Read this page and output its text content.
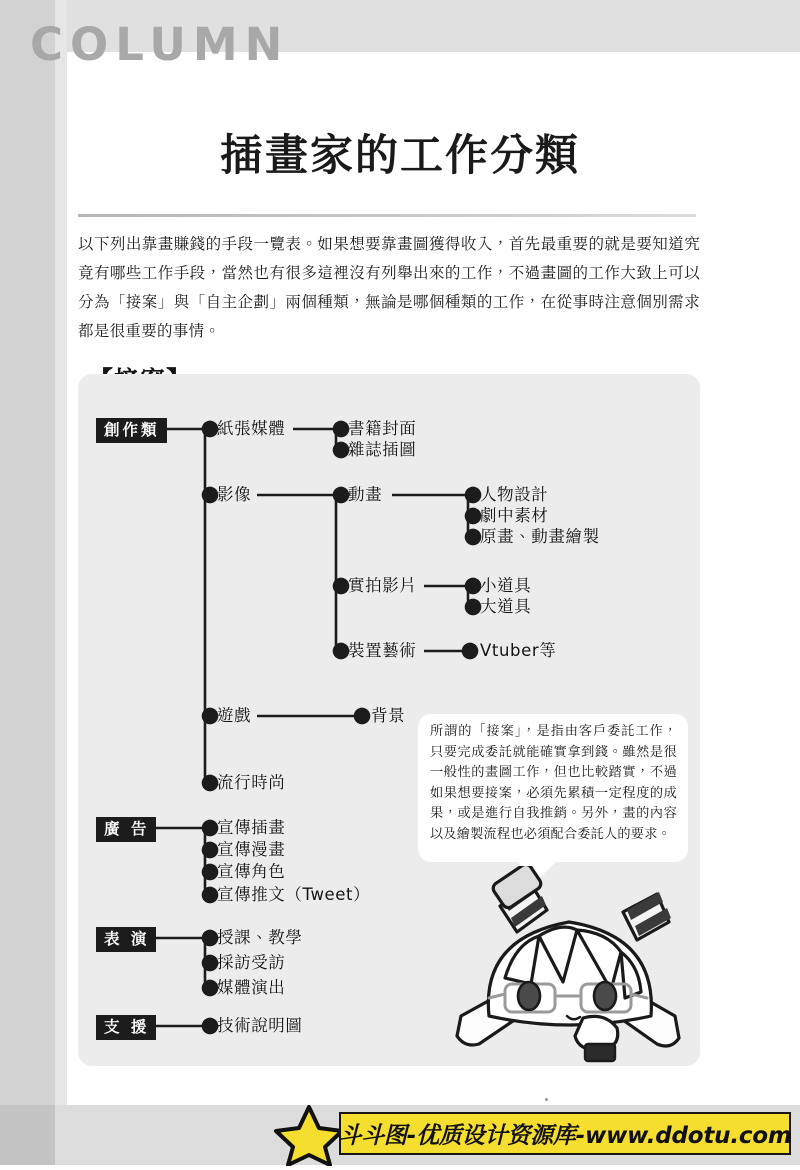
COLUMN
插畫家的工作分類
以下列出靠畫賺錢的手段一覽表。如果想要靠畫圖獲得收入，首先最重要的就是要知道究竟有哪些工作手段，當然也有很多這裡沒有列舉出來的工作，不過畫圖的工作大致上可以分為「接案」與「自主企劃」兩個種類，無論是哪個種類的工作，在從事時注意個別需求都是很重要的事情。
創作類
廣 告
表 演
支 援
紙張媒體
影像
遊戲
流行時尚
書籍封面
雜誌插圖
動畫
實拍影片
裝置藝術
人物設計
劇中素材
原畫、動畫繪製
小道具
大道具
Vtuber等
背景
宣傳插畫
宣傳漫畫
宣傳角色
宣傳推文（Tweet）
授課、教學
採訪受訪
媒體演出
技術說明圖
所謂的「接案」，是指由客戶委託工作，只要完成委託就能確實拿到錢。雖然是很一般性的畫圖工作，但也比較踏實，不過如果想要接案，必須先累積一定程度的成果，或是進行自我推銷。另外，畫的內容以及繪製流程也必須配合委託人的要求。
斗斗图-优质设计资源库-www.ddotu.com
